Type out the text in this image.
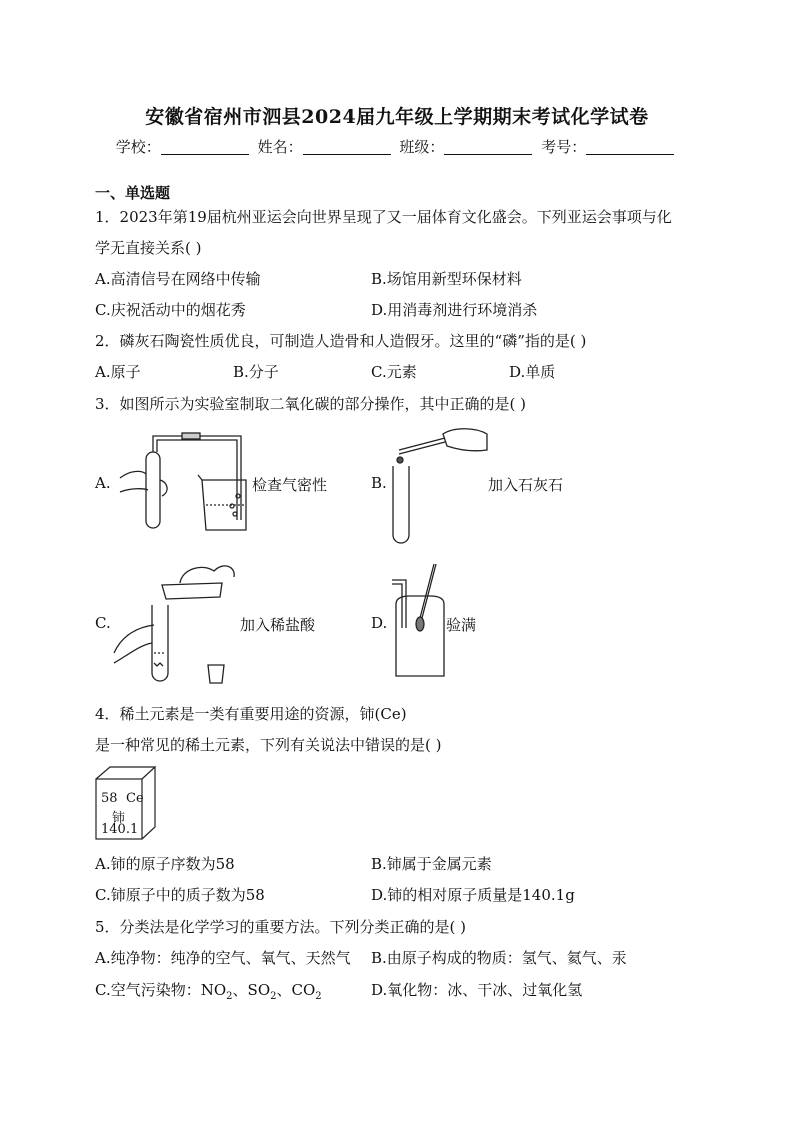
安徽省宿州市泗县2024届九年级上学期期末考试化学试卷
学校：	姓名：	班级：	考号：
一、单选题
1．2023年第19届杭州亚运会向世界呈现了又一届体育文化盛会。下列亚运会事项与化
学无直接关系( )
A.高清信号在网络中传输	B.场馆用新型环保材料
C.庆祝活动中的烟花秀	D.用消毒剂进行环境消杀
2．磷灰石陶瓷性质优良，可制造人造骨和人造假牙。这里的“磷”指的是( )
A.原子	B.分子	C.元素	D.单质
3．如图所示为实验室制取二氧化碳的部分操作，其中正确的是( )
A.	检查气密性	B.	加入石灰石
C.	加入稀盐酸	D.	验满
4．稀土元素是一类有重要用途的资源，铈(Ce)
是一种常见的稀土元素，下列有关说法中错误的是( )
58 Ce
铈
140.1
A.铈的原子序数为58	B.铈属于金属元素
C.铈原子中的质子数为58	D.铈的相对原子质量是140.1g
5．分类法是化学学习的重要方法。下列分类正确的是( )
A.纯净物：纯净的空气、氧气、天然气 B.由原子构成的物质：氢气、氦气、汞
C.空气污染物：$NO_2$、$SO_2$、$CO_2$	D.氧化物：冰、干冰、过氧化氢
